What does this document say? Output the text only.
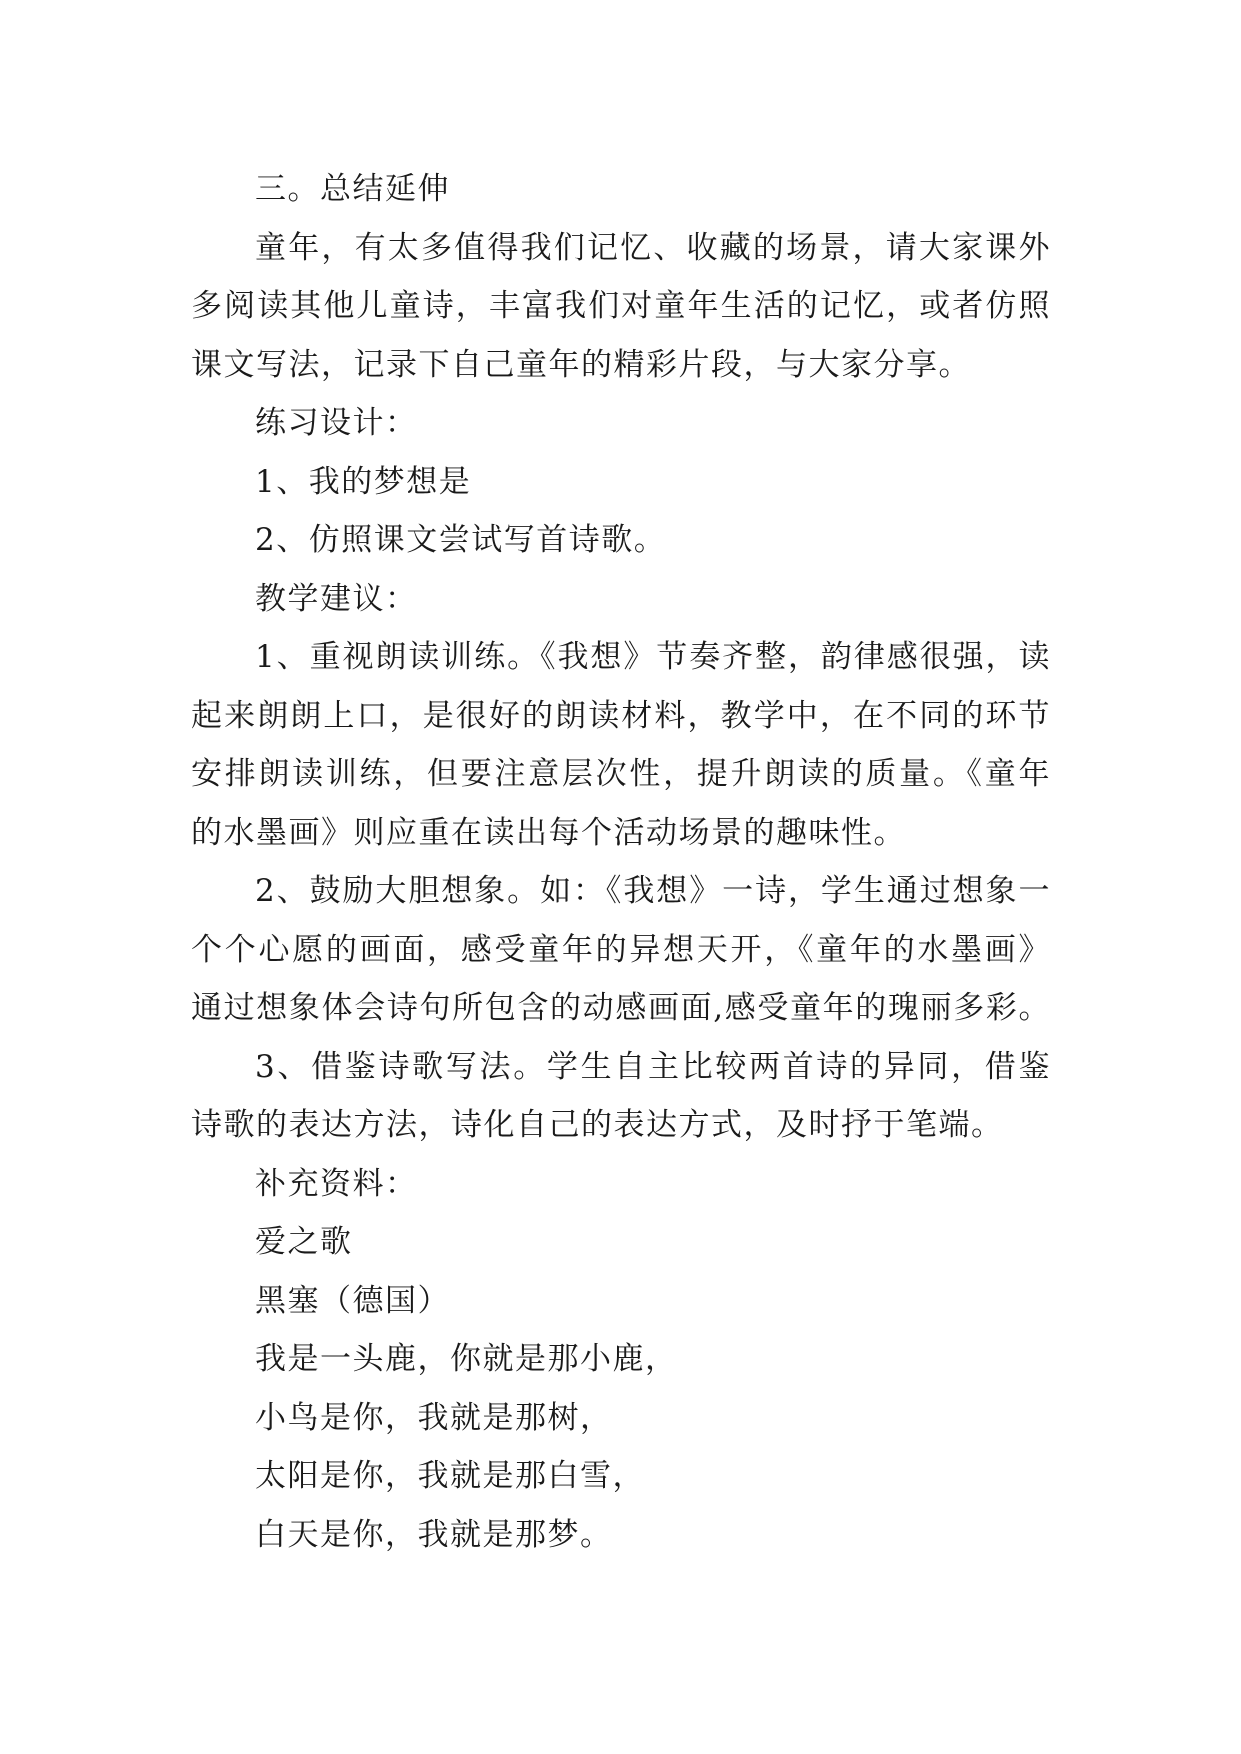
三。总结延伸
童年，有太多值得我们记忆、收藏的场景，请大家课外
多阅读其他儿童诗，丰富我们对童年生活的记忆，或者仿照
课文写法，记录下自己童年的精彩片段，与大家分享。
练习设计：
1、我的梦想是
2、仿照课文尝试写首诗歌。
教学建议：
1、重视朗读训练。《我想》节奏齐整，韵律感很强，读
起来朗朗上口，是很好的朗读材料，教学中，在不同的环节
安排朗读训练，但要注意层次性，提升朗读的质量。《童年
的水墨画》则应重在读出每个活动场景的趣味性。
2、鼓励大胆想象。如：《我想》一诗，学生通过想象一
个个心愿的画面，感受童年的异想天开，《童年的水墨画》
通过想象体会诗句所包含的动感画面,感受童年的瑰丽多彩。
3、借鉴诗歌写法。学生自主比较两首诗的异同，借鉴
诗歌的表达方法，诗化自己的表达方式，及时抒于笔端。
补充资料：
爱之歌
黑塞（德国）
我是一头鹿，你就是那小鹿，
小鸟是你，我就是那树，
太阳是你，我就是那白雪，
白天是你，我就是那梦。
